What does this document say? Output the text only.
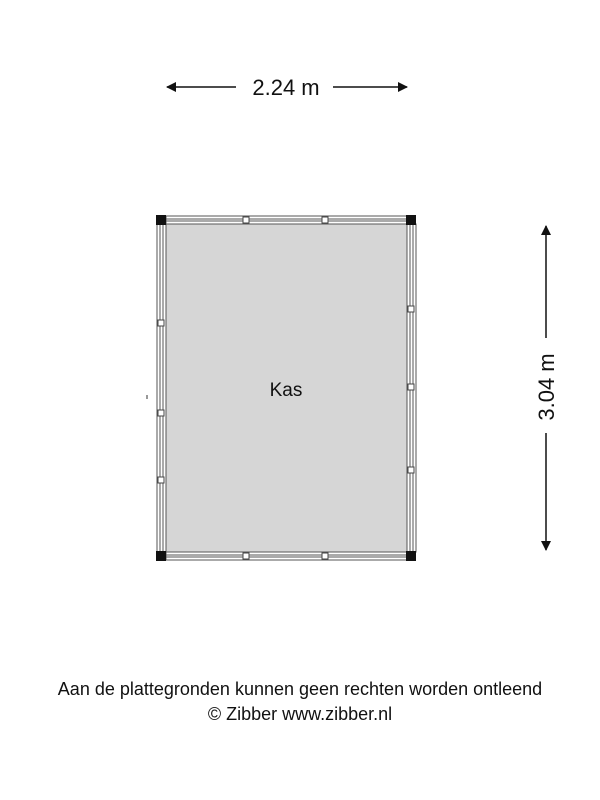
2.24 m
3.04 m
Kas
Aan de plattegronden kunnen geen rechten worden ontleend
© Zibber www.zibber.nl
